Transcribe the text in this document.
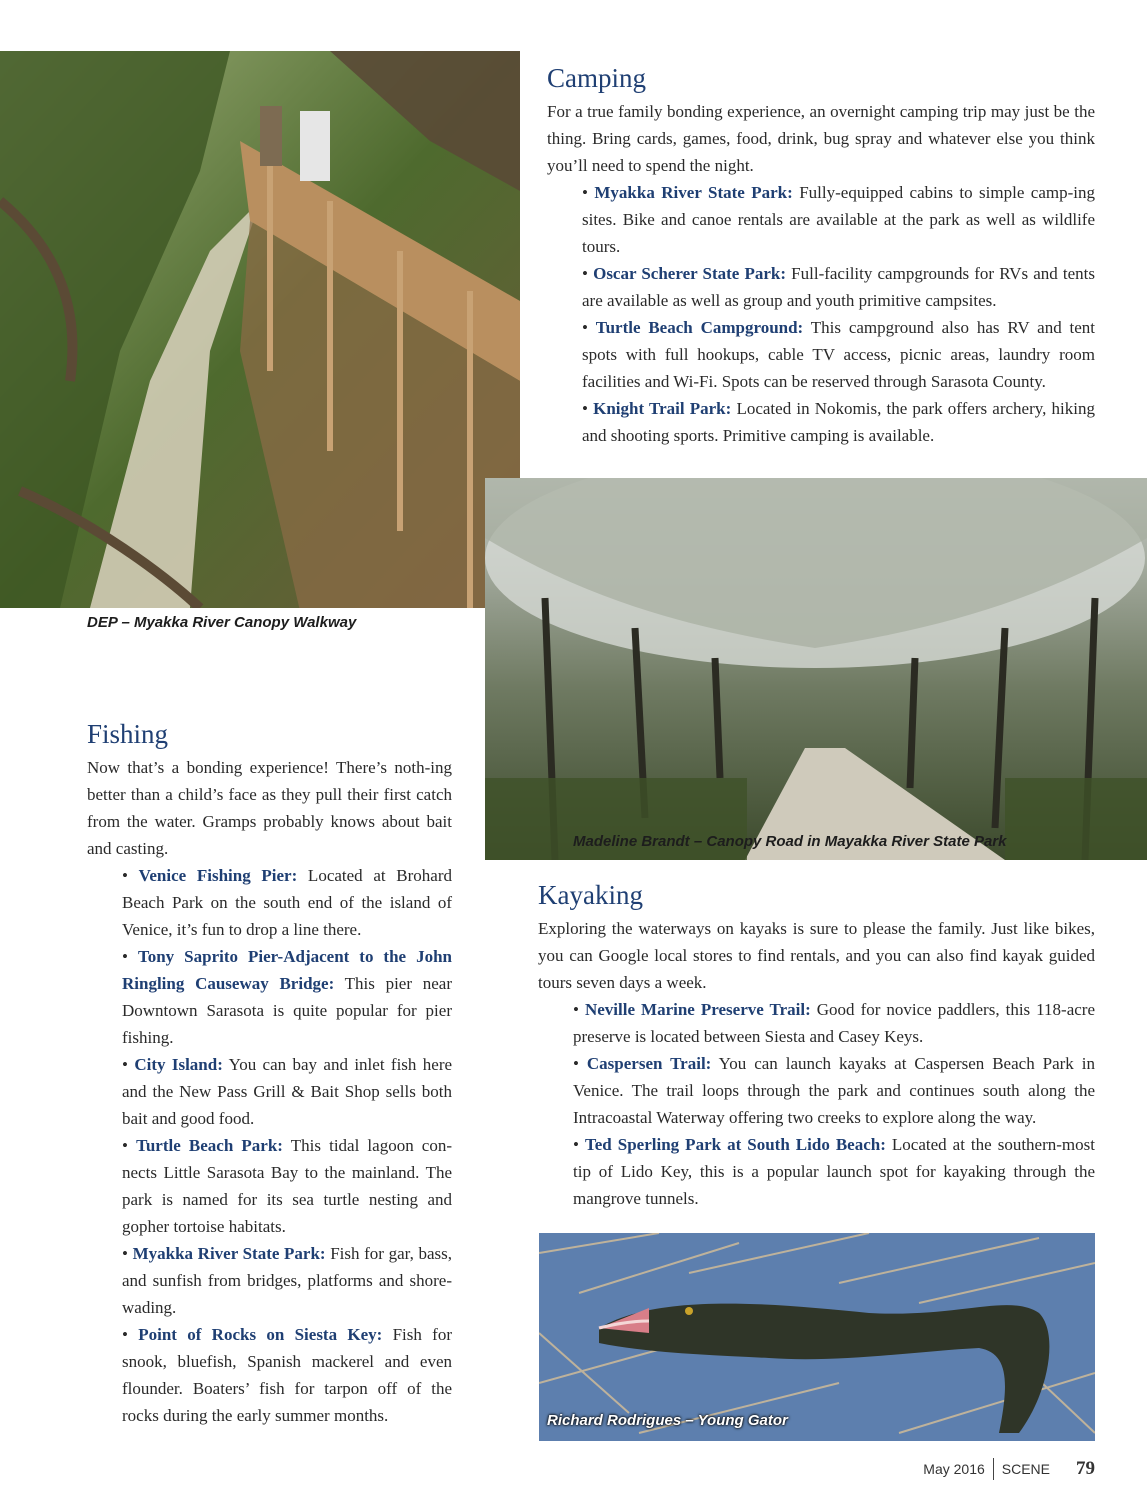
DEP – Myakka River Canopy Walkway
Madeline Brandt – Canopy Road in Mayakka River State Park
Richard Rodrigues – Young Gator
Camping

For a true family bonding experience, an overnight camping trip may just be the thing. Bring cards, games, food, drink, bug spray and whatever else you think you’ll need to spend the night.

• Myakka River State Park: Fully-equipped cabins to simple camp-ing sites. Bike and canoe rentals are available at the park as well as wildlife tours.
• Oscar Scherer State Park: Full-facility campgrounds for RVs and tents are available as well as group and youth primitive campsites.
• Turtle Beach Campground: This campground also has RV and tent spots with full hookups, cable TV access, picnic areas, laundry room facilities and Wi-Fi. Spots can be reserved through Sarasota County.
• Knight Trail Park: Located in Nokomis, the park offers archery, hiking and shooting sports. Primitive camping is available.
Fishing

Now that’s a bonding experience! There’s noth-ing better than a child’s face as they pull their first catch from the water. Gramps probably knows about bait and casting.

• Venice Fishing Pier: Located at Brohard Beach Park on the south end of the island of Venice, it’s fun to drop a line there.
• Tony Saprito Pier-Adjacent to the John Ringling Causeway Bridge: This pier near Downtown Sarasota is quite popular for pier fishing.
• City Island: You can bay and inlet fish here and the New Pass Grill & Bait Shop sells both bait and good food.
• Turtle Beach Park: This tidal lagoon con-nects Little Sarasota Bay to the mainland. The park is named for its sea turtle nesting and gopher tortoise habitats.
• Myakka River State Park: Fish for gar, bass, and sunfish from bridges, platforms and shore-wading.
• Point of Rocks on Siesta Key: Fish for snook, bluefish, Spanish mackerel and even flounder. Boaters’ fish for tarpon off of the rocks during the early summer months.
Kayaking

Exploring the waterways on kayaks is sure to please the family. Just like bikes, you can Google local stores to find rentals, and you can also find kayak guided tours seven days a week.

• Neville Marine Preserve Trail: Good for novice paddlers, this 118-acre preserve is located between Siesta and Casey Keys.
• Caspersen Trail: You can launch kayaks at Caspersen Beach Park in Venice. The trail loops through the park and continues south along the Intracoastal Waterway offering two creeks to explore along the way.
• Ted Sperling Park at South Lido Beach: Located at the southern-most tip of Lido Key, this is a popular launch spot for kayaking through the mangrove tunnels.
May 2016 SCENE 79
